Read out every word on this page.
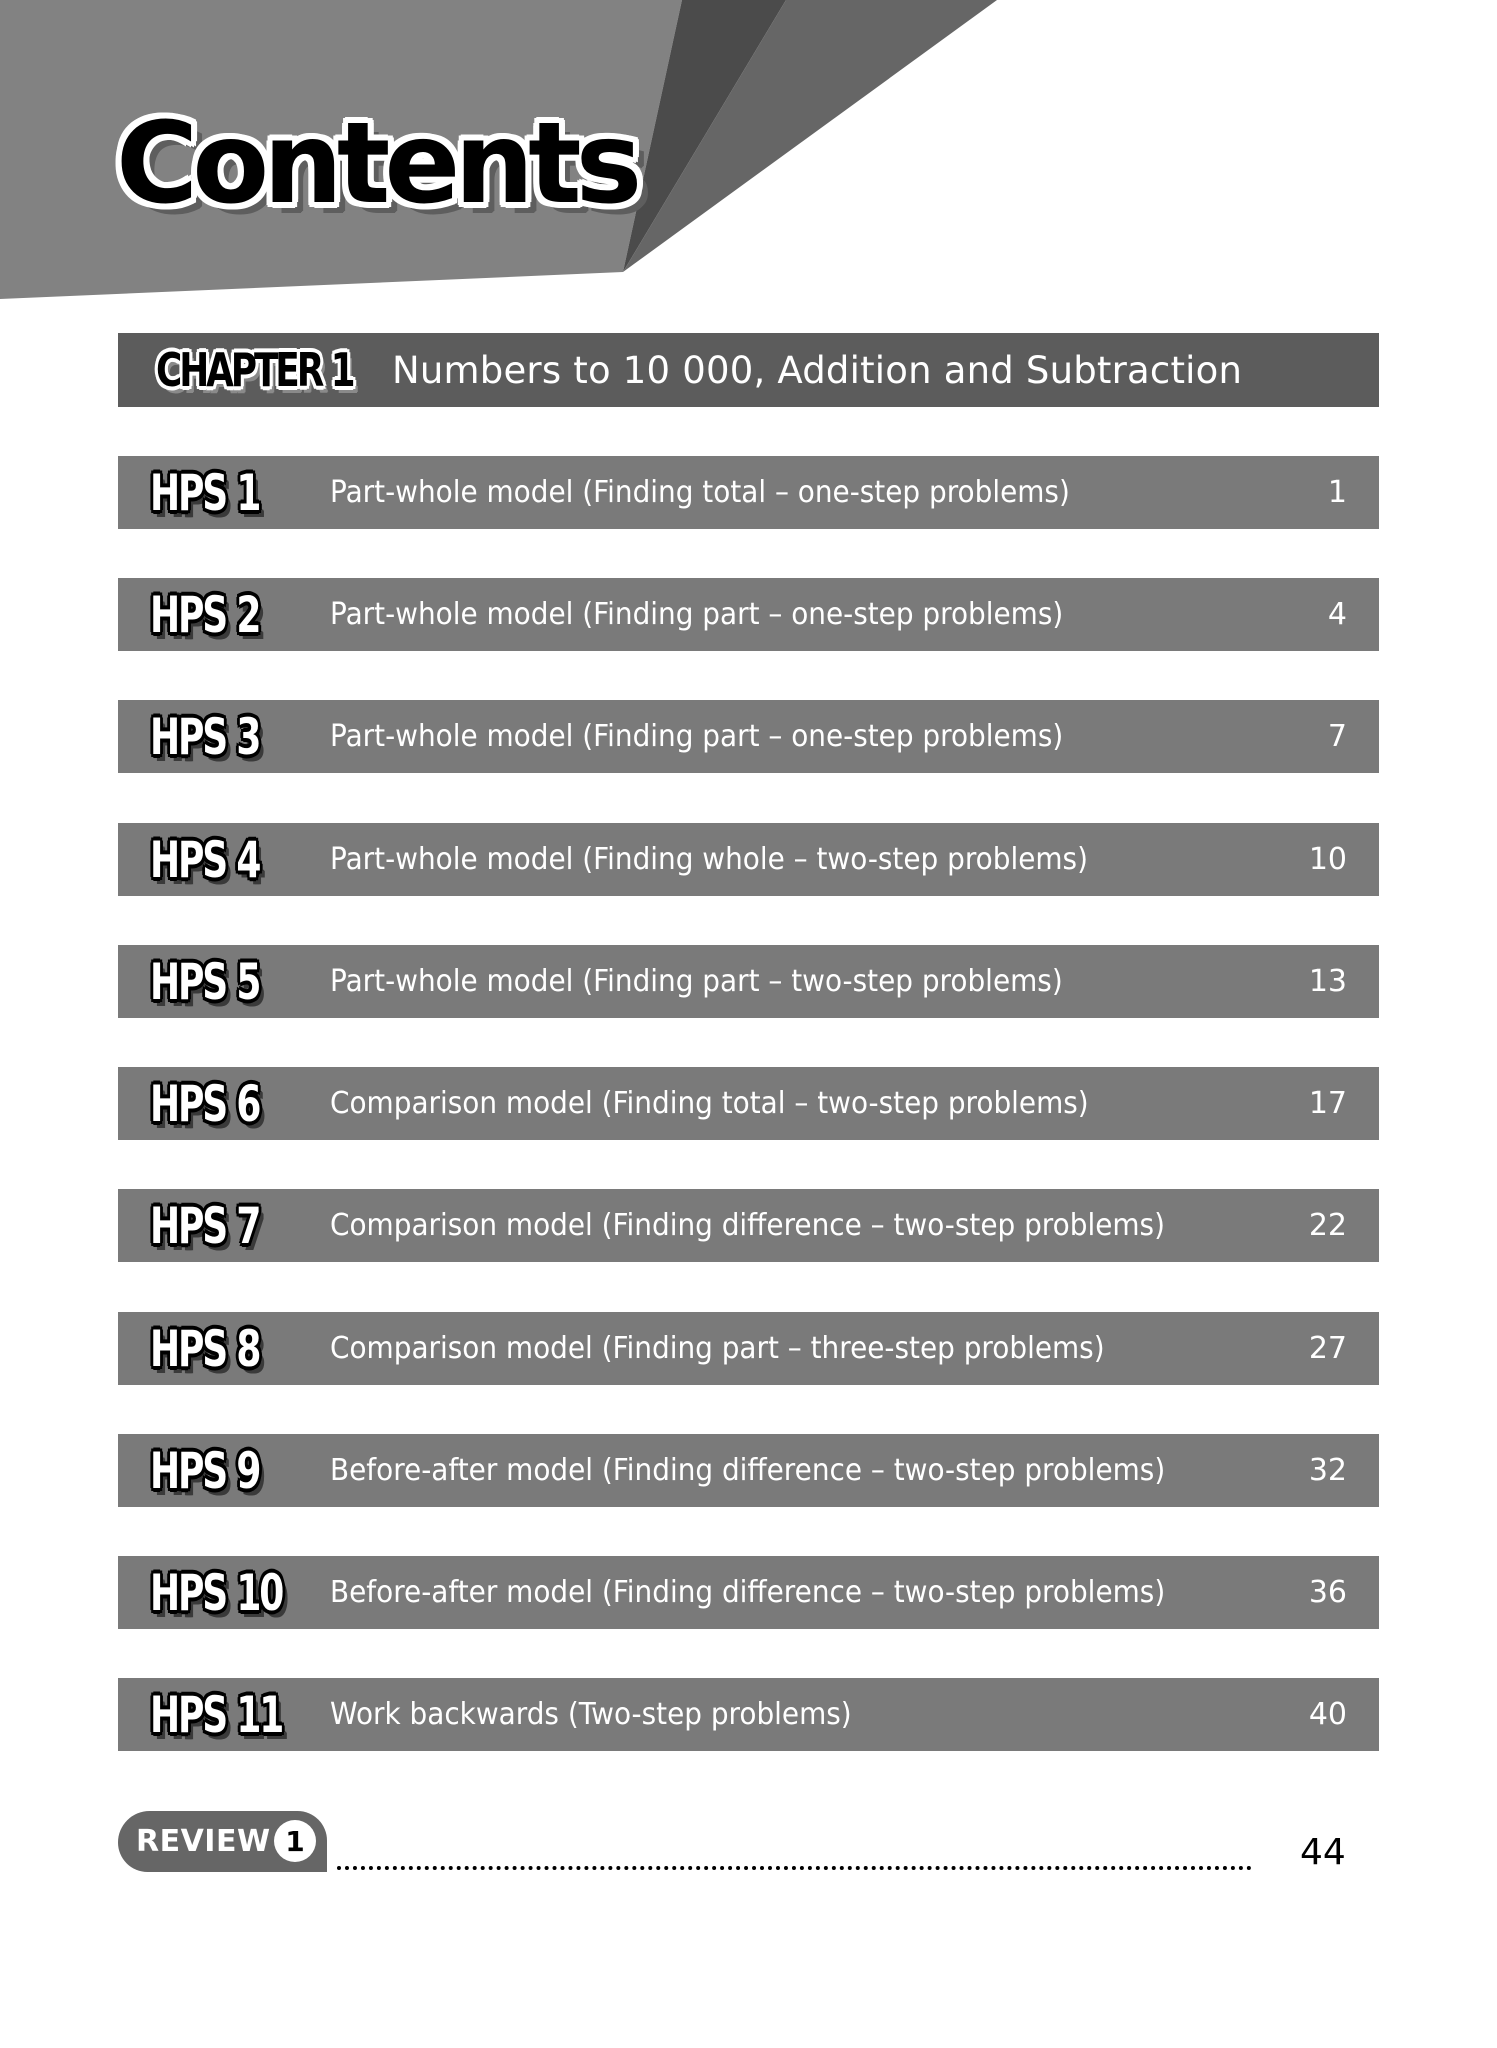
Contents
CHAPTER 1 Numbers to 10 000, Addition and Subtraction
HPS 1 Part-whole model (Finding total – one-step problems)	1
HPS 2 Part-whole model (Finding part – one-step problems)	4
HPS 3 Part-whole model (Finding part – one-step problems)	7
HPS 4 Part-whole model (Finding whole – two-step problems)	10
HPS 5 Part-whole model (Finding part – two-step problems)	13
HPS 6 Comparison model (Finding total – two-step problems)	17
HPS 7 Comparison model (Finding difference – two-step problems)	22
HPS 8 Comparison model (Finding part – three-step problems)	27
HPS 9 Before-after model (Finding difference – two-step problems)	32
HPS 10 Before-after model (Finding difference – two-step problems)	36
HPS 11 Work backwards (Two-step problems)	40
REVIEW 1	44
